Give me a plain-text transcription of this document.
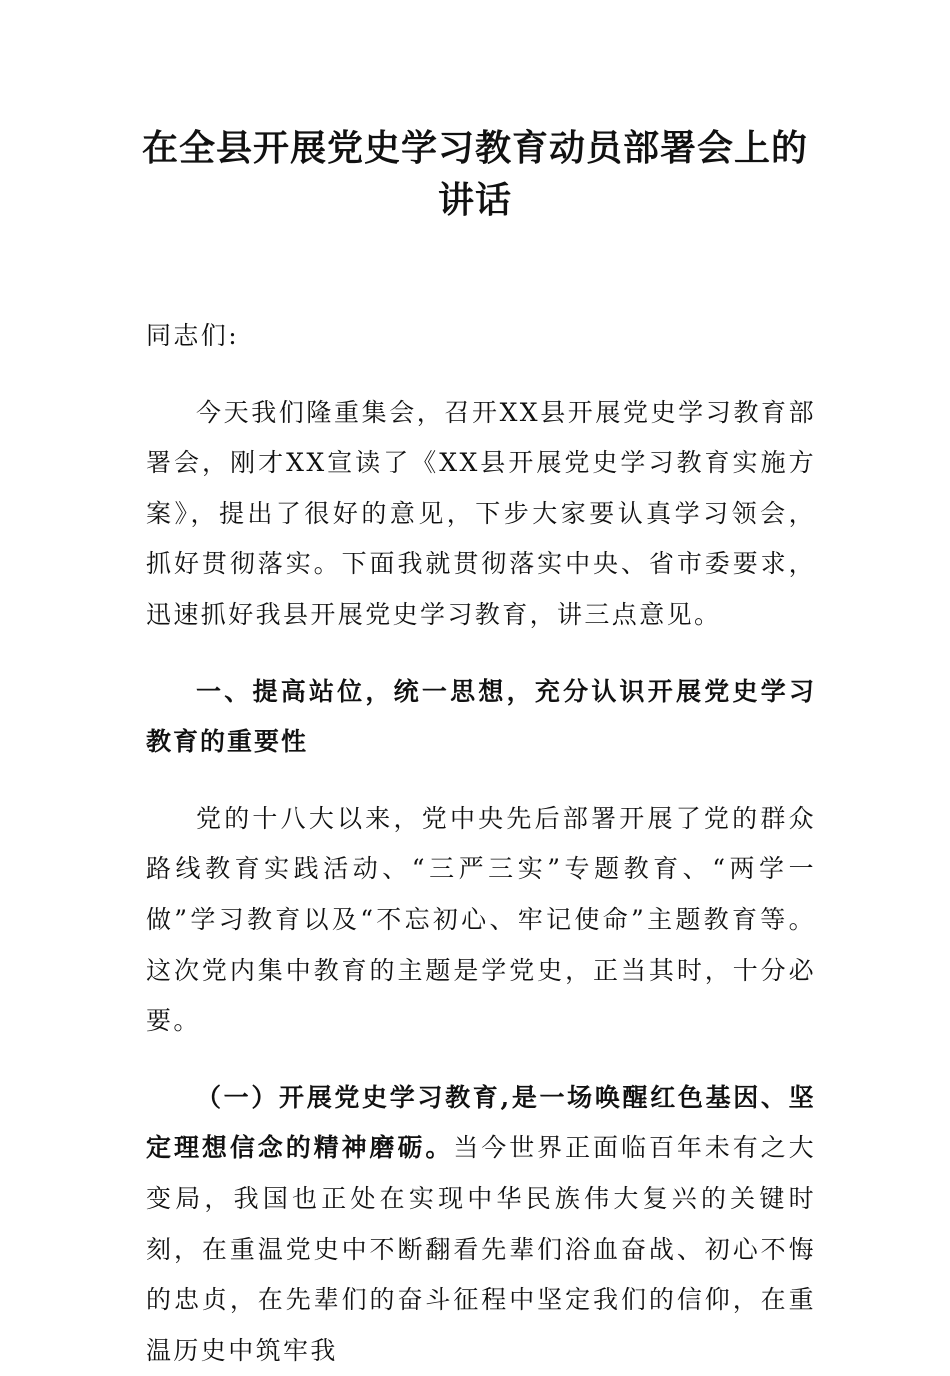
在全县开展党史学习教育动员部署会上的
讲话

同志们:

今天我们隆重集会，召开XX县开展党史学习教育部署会，刚才XX宣读了《XX县开展党史学习教育实施方案》，提出了很好的意见，下步大家要认真学习领会，抓好贯彻落实。下面我就贯彻落实中央、省市委要求，迅速抓好我县开展党史学习教育，讲三点意见。

一、提高站位，统一思想，充分认识开展党史学习教育的重要性

党的十八大以来，党中央先后部署开展了党的群众路线教育实践活动、“三严三实”专题教育、“两学一做”学习教育以及“不忘初心、牢记使命”主题教育等。这次党内集中教育的主题是学党史，正当其时，十分必要。

（一）开展党史学习教育,是一场唤醒红色基因、坚定理想信念的精神磨砺。当今世界正面临百年未有之大变局，我国也正处在实现中华民族伟大复兴的关键时刻，在重温党史中不断翻看先辈们浴血奋战、初心不悔的忠贞，在先辈们的奋斗征程中坚定我们的信仰，在重温历史中筑牢我
